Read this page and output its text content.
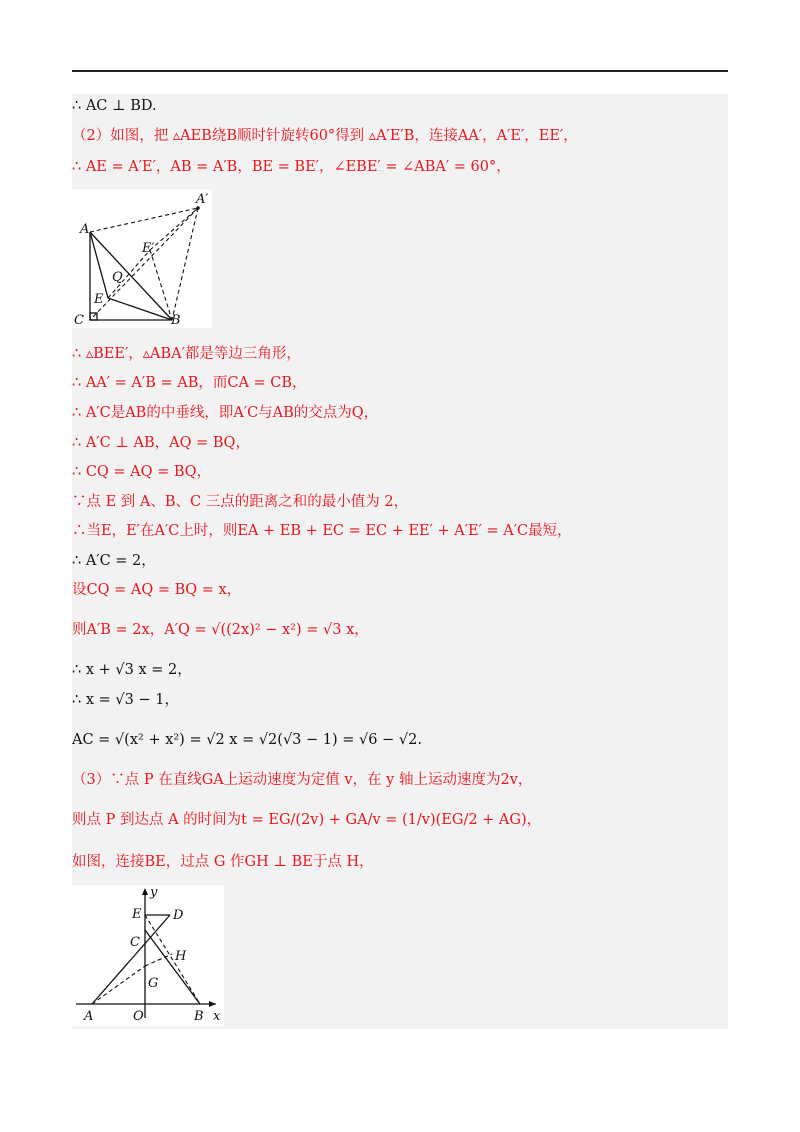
∴ AC ⊥ BD.
（2）如图，把 ▵AEB绕B顺时针旋转60°得到 ▵A′E′B，连接AA′，A′E′，EE′，
∴ AE = A′E′，AB = A′B，BE = BE′，∠EBE′ = ∠ABA′ = 60°，
A
A′
E′
Q
E
C	B
∴ ▵BEE′，▵ABA′都是等边三角形，
∴ AA′ = A′B = AB，而CA = CB，
∴ A′C是AB的中垂线，即A′C与AB的交点为Q，
∴ A′C ⊥ AB，AQ = BQ，
∴ CQ = AQ = BQ，
∵点 E 到 A、B、C 三点的距离之和的最小值为 2，
∴当E，E′在A′C上时，则EA + EB + EC = EC + EE′ + A′E′ = A′C最短，
∴ A′C = 2，
设CQ = AQ = BQ = x，
则A′B = 2x，A′Q = √((2x)² − x²) = √3 x，
∴ x + √3 x = 2，
∴ x = √3 − 1，
AC = √(x² + x²) = √2 x = √2(√3 − 1) = √6 − √2.
（3）∵点 P 在直线GA上运动速度为定值 v，在 y 轴上运动速度为2v，
则点 P 到达点 A 的时间为t = EG/(2v) + GA/v = (1/v)(EG/2 + AG)，
如图，连接BE，过点 G 作GH ⊥ BE于点 H，
y
E D
C
H
G
A	O	B x
